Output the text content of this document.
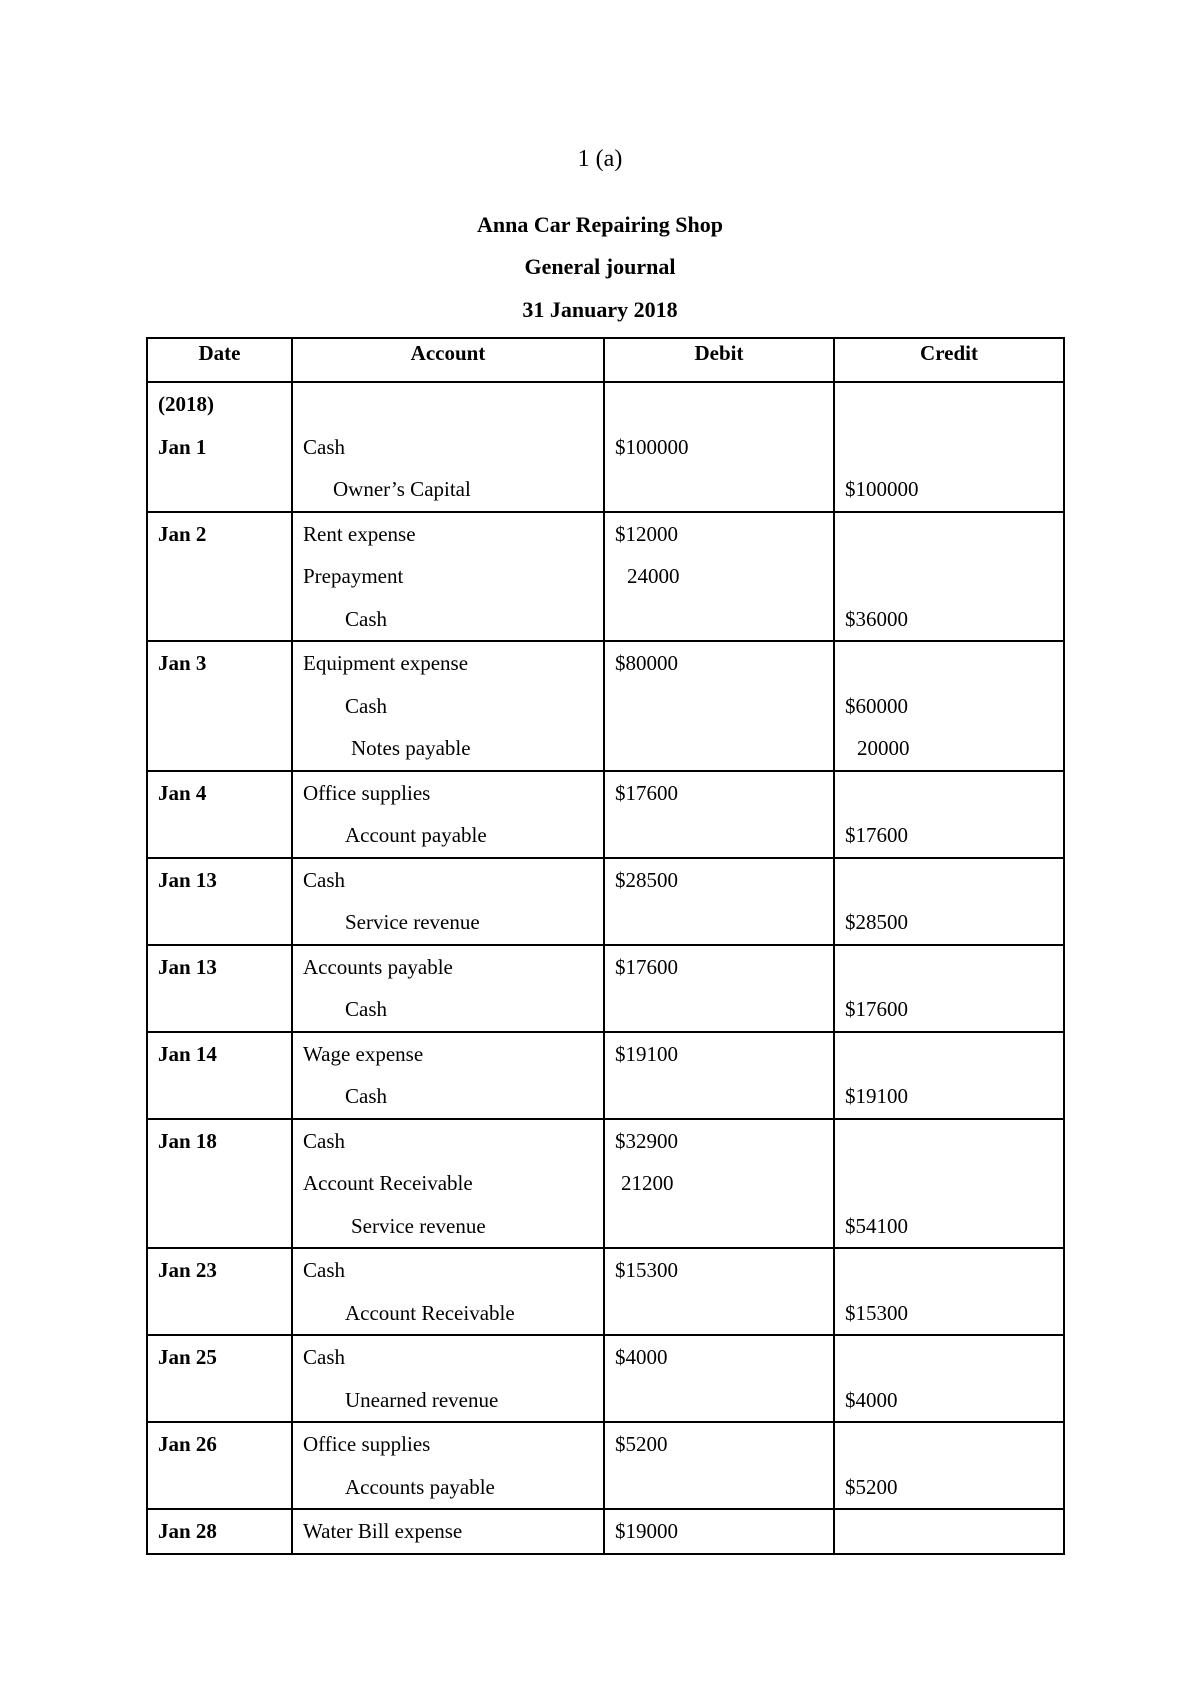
1 (a)
Anna Car Repairing Shop
General journal
31 January 2018
Date	Account	Debit	Credit
(2018)			
Jan 1	Cash	$100000	
	Owner’s Capital		$100000
Jan 2	Rent expense	$12000	
	Prepayment	24000	
	Cash		$36000
Jan 3	Equipment expense	$80000	
	Cash		$60000
	Notes payable		20000
Jan 4	Office supplies	$17600	
	Account payable		$17600
Jan 13	Cash	$28500	
	Service revenue		$28500
Jan 13	Accounts payable	$17600	
	Cash		$17600
Jan 14	Wage expense	$19100	
	Cash		$19100
Jan 18	Cash	$32900	
	Account Receivable	21200	
	Service revenue		$54100
Jan 23	Cash	$15300	
	Account Receivable		$15300
Jan 25	Cash	$4000	
	Unearned revenue		$4000
Jan 26	Office supplies	$5200	
	Accounts payable		$5200
Jan 28	Water Bill expense	$19000	
